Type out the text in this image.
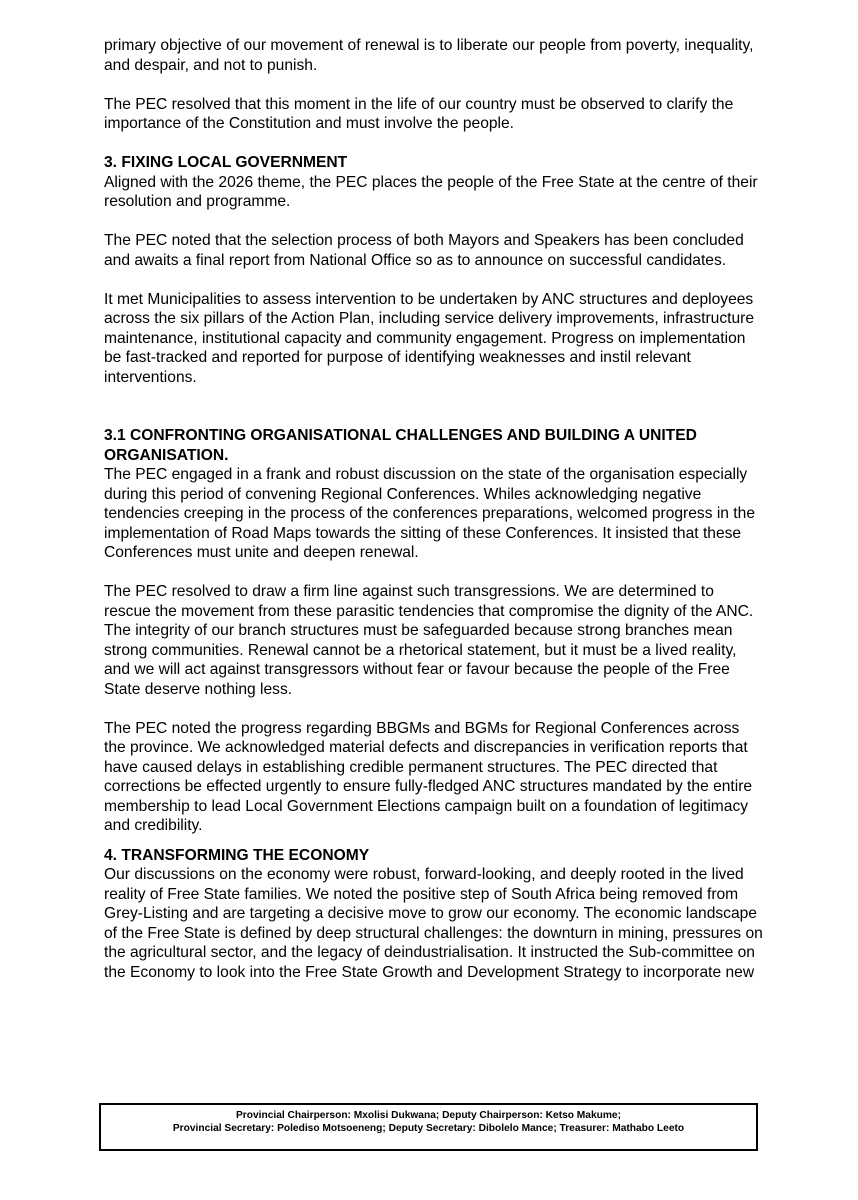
primary objective of our movement of renewal is to liberate our people from poverty, inequality, and despair, and not to punish.

The PEC resolved that this moment in the life of our country must be observed to clarify the importance of the Constitution and must involve the people.

3. FIXING LOCAL GOVERNMENT

Aligned with the 2026 theme, the PEC places the people of the Free State at the centre of their resolution and programme.

The PEC noted that the selection process of both Mayors and Speakers has been concluded and awaits a final report from National Office so as to announce on successful candidates.

It met Municipalities to assess intervention to be undertaken by ANC structures and deployees across the six pillars of the Action Plan, including service delivery improvements, infrastructure maintenance, institutional capacity and community engagement. Progress on implementation be fast-tracked and reported for purpose of identifying weaknesses and instil relevant interventions.

3.1 CONFRONTING ORGANISATIONAL CHALLENGES AND BUILDING A UNITED ORGANISATION.

The PEC engaged in a frank and robust discussion on the state of the organisation especially during this period of convening Regional Conferences. Whiles acknowledging negative tendencies creeping in the process of the conferences preparations, welcomed progress in the implementation of Road Maps towards the sitting of these Conferences. It insisted that these Conferences must unite and deepen renewal.

The PEC resolved to draw a firm line against such transgressions. We are determined to rescue the movement from these parasitic tendencies that compromise the dignity of the ANC. The integrity of our branch structures must be safeguarded because strong branches mean strong communities. Renewal cannot be a rhetorical statement, but it must be a lived reality, and we will act against transgressors without fear or favour because the people of the Free State deserve nothing less.

The PEC noted the progress regarding BBGMs and BGMs for Regional Conferences across the province. We acknowledged material defects and discrepancies in verification reports that have caused delays in establishing credible permanent structures. The PEC directed that corrections be effected urgently to ensure fully-fledged ANC structures mandated by the entire membership to lead Local Government Elections campaign built on a foundation of legitimacy and credibility.

4. TRANSFORMING THE ECONOMY

Our discussions on the economy were robust, forward-looking, and deeply rooted in the lived reality of Free State families. We noted the positive step of South Africa being removed from Grey-Listing and are targeting a decisive move to grow our economy. The economic landscape of the Free State is defined by deep structural challenges: the downturn in mining, pressures on the agricultural sector, and the legacy of deindustrialisation. It instructed the Sub-committee on the Economy to look into the Free State Growth and Development Strategy to incorporate new

Provincial Chairperson: Mxolisi Dukwana; Deputy Chairperson: Ketso Makume;
Provincial Secretary: Polediso Motsoeneng; Deputy Secretary: Dibolelo Mance; Treasurer: Mathabo Leeto
